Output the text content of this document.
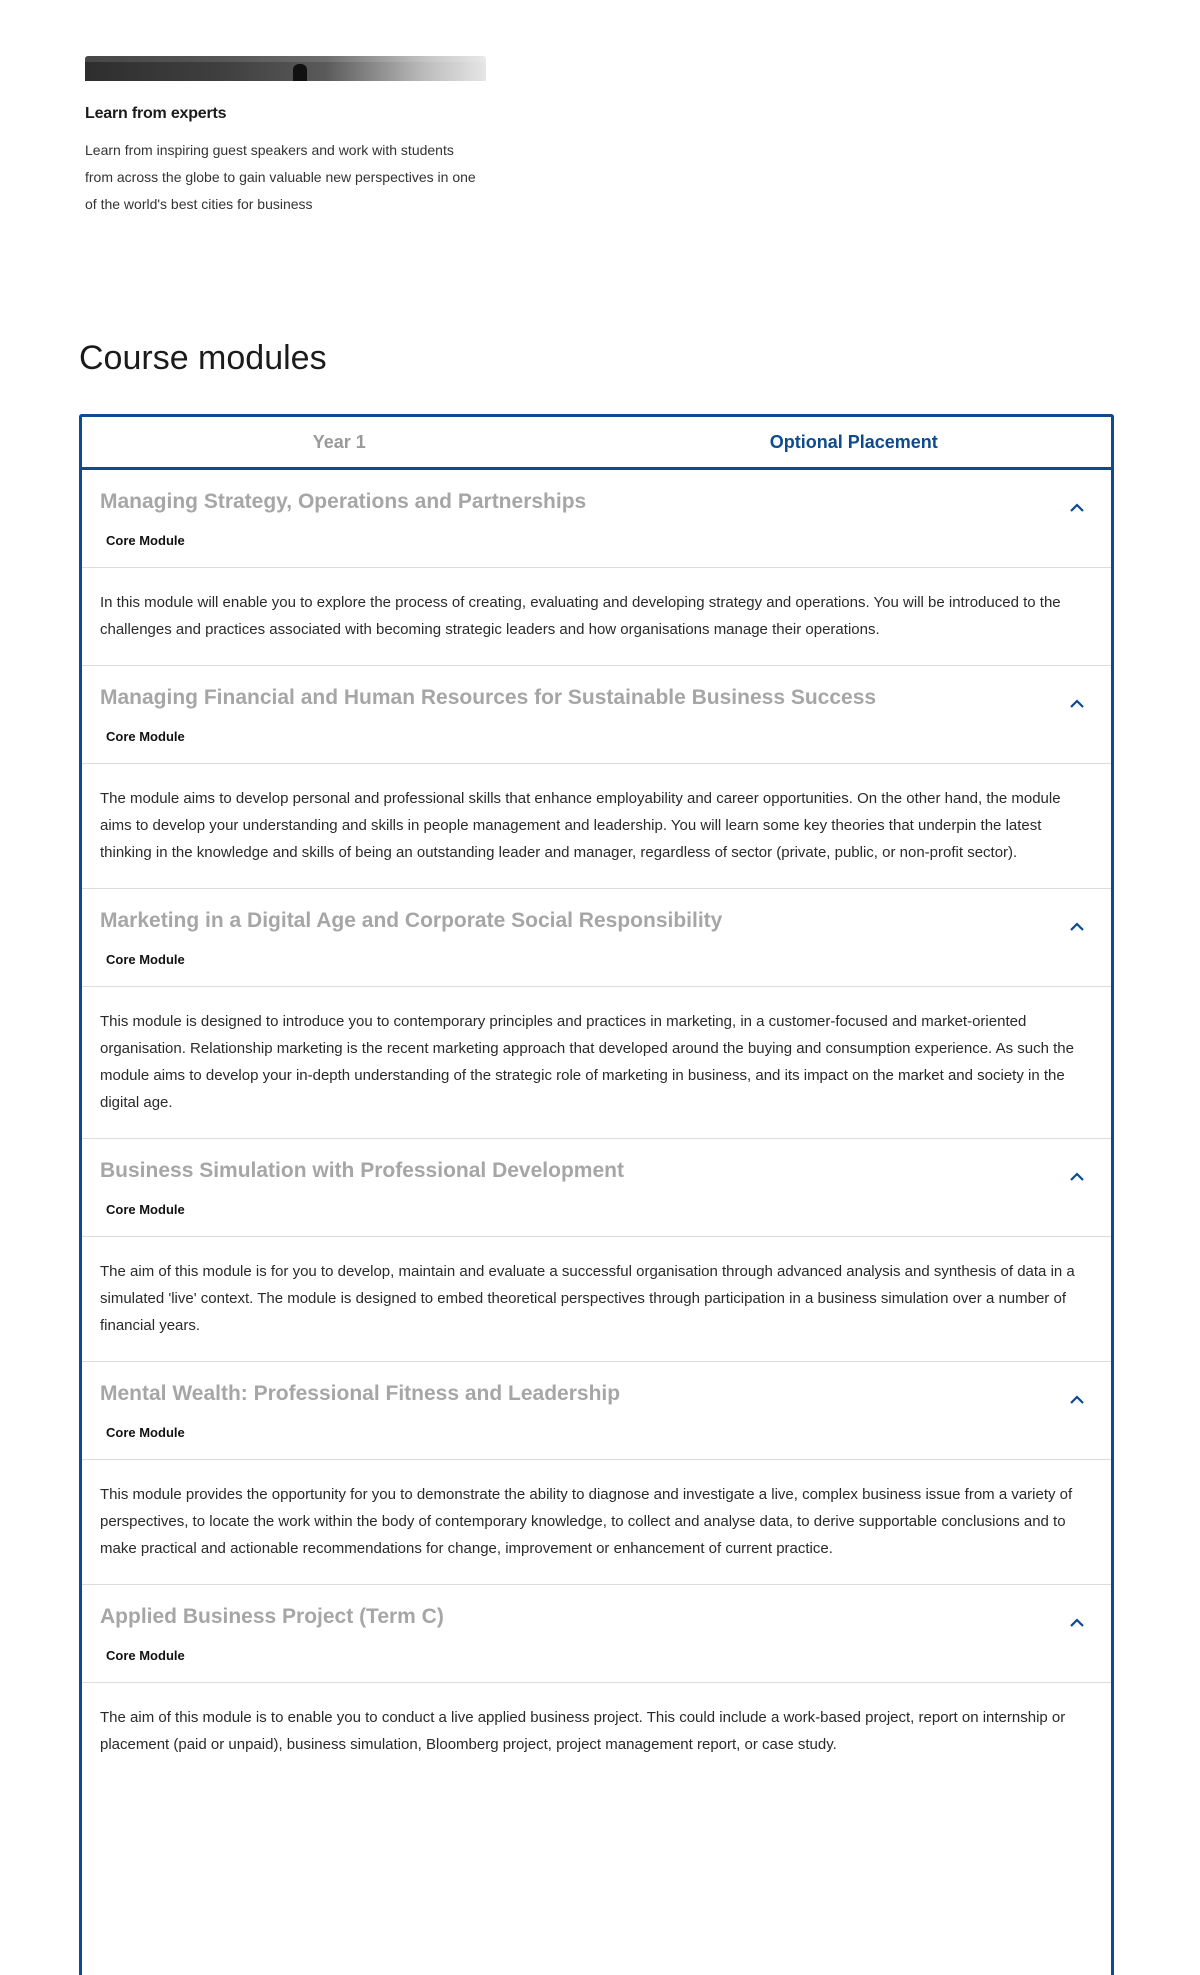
Learn from experts
Learn from inspiring guest speakers and work with students from across the globe to gain valuable new perspectives in one of the world's best cities for business
Course modules
Year 1	Optional Placement
Managing Strategy, Operations and Partnerships
Core Module
In this module will enable you to explore the process of creating, evaluating and developing strategy and operations. You will be introduced to the challenges and practices associated with becoming strategic leaders and how organisations manage their operations.
Managing Financial and Human Resources for Sustainable Business Success
Core Module
The module aims to develop personal and professional skills that enhance employability and career opportunities. On the other hand, the module aims to develop your understanding and skills in people management and leadership. You will learn some key theories that underpin the latest thinking in the knowledge and skills of being an outstanding leader and manager, regardless of sector (private, public, or non-profit sector).
Marketing in a Digital Age and Corporate Social Responsibility
Core Module
This module is designed to introduce you to contemporary principles and practices in marketing, in a customer-focused and market-oriented organisation. Relationship marketing is the recent marketing approach that developed around the buying and consumption experience. As such the module aims to develop your in-depth understanding of the strategic role of marketing in business, and its impact on the market and society in the digital age.
Business Simulation with Professional Development
Core Module
The aim of this module is for you to develop, maintain and evaluate a successful organisation through advanced analysis and synthesis of data in a simulated 'live' context. The module is designed to embed theoretical perspectives through participation in a business simulation over a number of financial years.
Mental Wealth: Professional Fitness and Leadership
Core Module
This module provides the opportunity for you to demonstrate the ability to diagnose and investigate a live, complex business issue from a variety of perspectives, to locate the work within the body of contemporary knowledge, to collect and analyse data, to derive supportable conclusions and to make practical and actionable recommendations for change, improvement or enhancement of current practice.
Applied Business Project (Term C)
Core Module
The aim of this module is to enable you to conduct a live applied business project. This could include a work-based project, report on internship or placement (paid or unpaid), business simulation, Bloomberg project, project management report, or case study.
